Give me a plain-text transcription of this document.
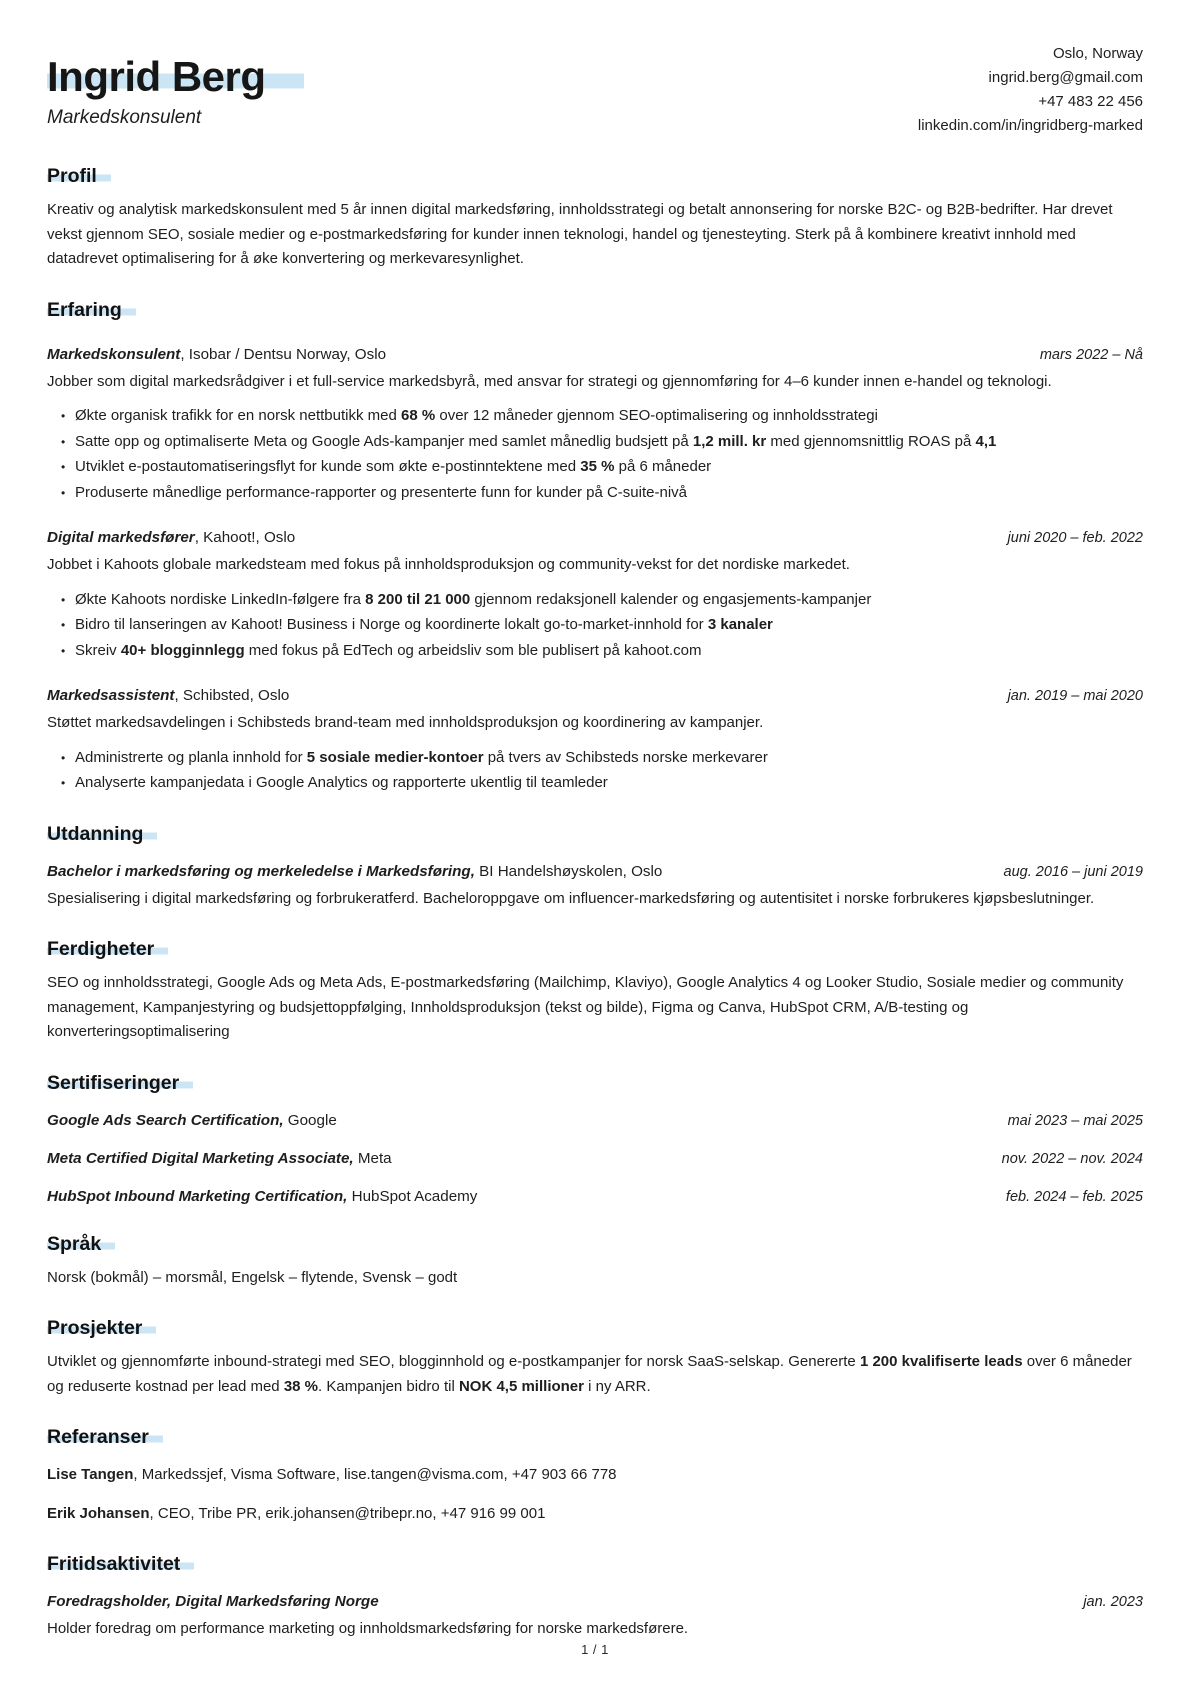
Ingrid Berg
Markedskonsulent
Oslo, Norway
ingrid.berg@gmail.com
+47 483 22 456
linkedin.com/in/ingridberg-marked
Profil

Kreativ og analytisk markedskonsulent med 5 år innen digital markedsføring, innholdsstrategi og betalt annonsering for norske B2C- og B2B-bedrifter. Har drevet vekst gjennom SEO, sosiale medier og e-postmarkedsføring for kunder innen teknologi, handel og tjenesteyting. Sterk på å kombinere kreativt innhold med datadrevet optimalisering for å øke konvertering og merkevaresynlighet.

Erfaring
Markedskonsulent, Isobar / Dentsu Norway, Oslo	mars 2022 – Nå

Jobber som digital markedsrådgiver i et full-service markedsbyrå, med ansvar for strategi og gjennomføring for 4–6 kunder innen e-handel og teknologi.

• Økte organisk trafikk for en norsk nettbutikk med 68 % over 12 måneder gjennom SEO-optimalisering og innholdsstrategi
• Satte opp og optimaliserte Meta og Google Ads-kampanjer med samlet månedlig budsjett på 1,2 mill. kr med gjennomsnittlig ROAS på 4,1
• Utviklet e-postautomatiseringsflyt for kunde som økte e-postinntektene med 35 % på 6 måneder
• Produserte månedlige performance-rapporter og presenterte funn for kunder på C-suite-nivå
Digital markedsfører, Kahoot!, Oslo	juni 2020 – feb. 2022

Jobbet i Kahoots globale markedsteam med fokus på innholdsproduksjon og community-vekst for det nordiske markedet.

• Økte Kahoots nordiske LinkedIn-følgere fra 8 200 til 21 000 gjennom redaksjonell kalender og engasjements-kampanjer
• Bidro til lanseringen av Kahoot! Business i Norge og koordinerte lokalt go-to-market-innhold for 3 kanaler
• Skreiv 40+ blogginnlegg med fokus på EdTech og arbeidsliv som ble publisert på kahoot.com
Markedsassistent, Schibsted, Oslo	jan. 2019 – mai 2020

Støttet markedsavdelingen i Schibsteds brand-team med innholdsproduksjon og koordinering av kampanjer.

• Administrerte og planla innhold for 5 sosiale medier-kontoer på tvers av Schibsteds norske merkevarer
• Analyserte kampanjedata i Google Analytics og rapporterte ukentlig til teamleder
Utdanning
Bachelor i markedsføring og merkeledelse i Markedsføring, BI Handelshøyskolen, Oslo	aug. 2016 – juni 2019

Spesialisering i digital markedsføring og forbrukeratferd. Bacheloroppgave om influencer-markedsføring og autentisitet i norske forbrukeres kjøpsbeslutninger.

Ferdigheter

SEO og innholdsstrategi, Google Ads og Meta Ads, E-postmarkedsføring (Mailchimp, Klaviyo), Google Analytics 4 og Looker Studio, Sosiale medier og community management, Kampanjestyring og budsjettoppfølging, Innholdsproduksjon (tekst og bilde), Figma og Canva, HubSpot CRM, A/B-testing og konverteringsoptimalisering

Sertifiseringer
Google Ads Search Certification, Google	mai 2023 – mai 2025
Meta Certified Digital Marketing Associate, Meta	nov. 2022 – nov. 2024
HubSpot Inbound Marketing Certification, HubSpot Academy	feb. 2024 – feb. 2025
Språk

Norsk (bokmål) – morsmål, Engelsk – flytende, Svensk – godt

Prosjekter

Utviklet og gjennomførte inbound-strategi med SEO, blogginnhold og e-postkampanjer for norsk SaaS-selskap. Genererte 1 200 kvalifiserte leads over 6 måneder og reduserte kostnad per lead med 38 %. Kampanjen bidro til NOK 4,5 millioner i ny ARR.

Referanser

Lise Tangen, Markedssjef, Visma Software, lise.tangen@visma.com, +47 903 66 778

Erik Johansen, CEO, Tribe PR, erik.johansen@tribepr.no, +47 916 99 001

Fritidsaktivitet
Foredragsholder, Digital Markedsføring Norge	jan. 2023

Holder foredrag om performance marketing og innholdsmarkedsføring for norske markedsførere.

1 / 1
